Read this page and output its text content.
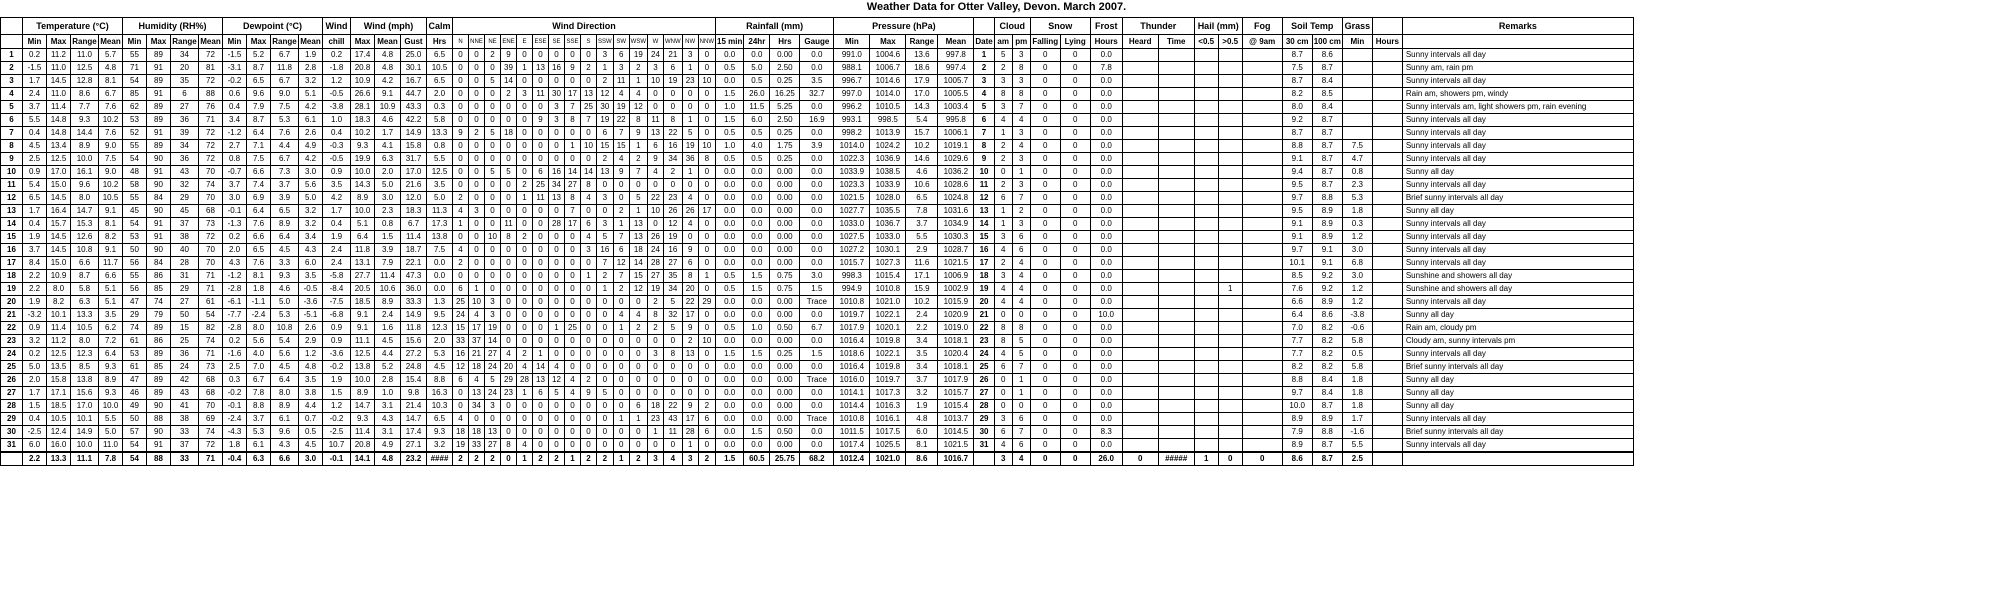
Weather Data for Otter Valley, Devon. March 2007.
	Temperature (°C)				Humidity (RH%)				Dewpoint (°C)				Wind	Wind (mph)			Calm	Wind Direction																Rainfall (mm)				Pressure (hPa)					Cloud		Snow		Frost	Thunder		Hail (mm)		Fog	Soil Temp		Grass		Remarks
	Min	Max	Range	Mean	Min	Max	Range	Mean	Min	Max	Range	Mean	chill	Max	Mean	Gust	Hrs	N	NNE	NE	ENE	E	ESE	SE	SSE	S	SSW	SW	WSW	W	WNW	NW	NNW	15 min	24hr	Hrs	Gauge	Min	Max	Range	Mean	Date	am	pm	Falling	Lying	Hours	Heard	Time	<0.5	>0.5	@ 9am	30 cm	100 cm	Min	Hours	
1	0.2	11.2	11.0	5.7	55	89	34	72	-1.5	5.2	6.7	1.9	0.2	17.4	4.8	25.0	6.5	0	0	2	9	0	0	0	0	0	3	6	19	24	21	3	0	0.0	0.0	0.00	0.0	991.0	1004.6	13.6	997.8	1	5	3	0	0	0.0						8.7	8.6			Sunny intervals all day
2	-1.5	11.0	12.5	4.8	71	91	20	81	-3.1	8.7	11.8	2.8	-1.8	20.8	4.8	30.1	10.5	0	0	0	39	1	13	16	9	2	1	3	2	3	6	1	0	0.5	5.0	2.50	0.0	988.1	1006.7	18.6	997.4	2	2	8	0	0	7.8						7.5	8.7			Sunny am, rain pm
3	1.7	14.5	12.8	8.1	54	89	35	72	-0.2	6.5	6.7	3.2	1.2	10.9	4.2	16.7	6.5	0	0	5	14	0	0	0	0	0	2	11	1	10	19	23	10	0.0	0.5	0.25	3.5	996.7	1014.6	17.9	1005.7	3	3	3	0	0	0.0						8.7	8.4			Sunny intervals all day
4	2.4	11.0	8.6	6.7	85	91	6	88	0.6	9.6	9.0	5.1	-0.5	26.6	9.1	44.7	2.0	0	0	0	2	3	11	30	17	13	12	4	4	0	0	0	0	1.5	26.0	16.25	32.7	997.0	1014.0	17.0	1005.5	4	8	8	0	0	0.0						8.2	8.5			Rain am, showers pm, windy
5	3.7	11.4	7.7	7.6	62	89	27	76	0.4	7.9	7.5	4.2	-3.8	28.1	10.9	43.3	0.3	0	0	0	0	0	0	3	7	25	30	19	12	0	0	0	0	1.0	11.5	5.25	0.0	996.2	1010.5	14.3	1003.4	5	3	7	0	0	0.0						8.0	8.4			Sunny intervals am, light showers pm, rain evening
6	5.5	14.8	9.3	10.2	53	89	36	71	3.4	8.7	5.3	6.1	1.0	18.3	4.6	42.2	5.8	0	0	0	0	0	9	3	8	7	19	22	8	11	8	1	0	1.5	6.0	2.50	16.9	993.1	998.5	5.4	995.8	6	4	4	0	0	0.0						9.2	8.7			Sunny intervals all day
7	0.4	14.8	14.4	7.6	52	91	39	72	-1.2	6.4	7.6	2.6	0.4	10.2	1.7	14.9	13.3	9	2	5	18	0	0	0	0	0	6	7	9	13	22	5	0	0.5	0.5	0.25	0.0	998.2	1013.9	15.7	1006.1	7	1	3	0	0	0.0						8.7	8.7			Sunny intervals all day
8	4.5	13.4	8.9	9.0	55	89	34	72	2.7	7.1	4.4	4.9	-0.3	9.3	4.1	15.8	0.8	0	0	0	0	0	0	0	1	10	15	15	1	6	16	19	10	1.0	4.0	1.75	3.9	1014.0	1024.2	10.2	1019.1	8	2	4	0	0	0.0						8.8	8.7	7.5		Sunny intervals all day
9	2.5	12.5	10.0	7.5	54	90	36	72	0.8	7.5	6.7	4.2	-0.5	19.9	6.3	31.7	5.5	0	0	0	0	0	0	0	0	0	2	4	2	9	34	36	8	0.5	0.5	0.25	0.0	1022.3	1036.9	14.6	1029.6	9	2	3	0	0	0.0						9.1	8.7	4.7		Sunny intervals all day
10	0.9	17.0	16.1	9.0	48	91	43	70	-0.7	6.6	7.3	3.0	0.9	10.0	2.0	17.0	12.5	0	0	5	5	0	6	16	14	14	13	9	7	4	2	1	0	0.0	0.0	0.00	0.0	1033.9	1038.5	4.6	1036.2	10	0	1	0	0	0.0						9.4	8.7	0.8		Sunny all day
11	5.4	15.0	9.6	10.2	58	90	32	74	3.7	7.4	3.7	5.6	3.5	14.3	5.0	21.6	3.5	0	0	0	0	2	25	34	27	8	0	0	0	0	0	0	0	0.0	0.0	0.00	0.0	1023.3	1033.9	10.6	1028.6	11	2	3	0	0	0.0						9.5	8.7	2.3		Sunny intervals all day
12	6.5	14.5	8.0	10.5	55	84	29	70	3.0	6.9	3.9	5.0	4.2	8.9	3.0	12.0	5.0	2	0	0	0	1	11	13	8	4	3	0	5	22	23	4	0	0.0	0.0	0.00	0.0	1021.5	1028.0	6.5	1024.8	12	6	7	0	0	0.0						9.7	8.8	5.3		Brief sunny intervals all day
13	1.7	16.4	14.7	9.1	45	90	45	68	-0.1	6.4	6.5	3.2	1.7	10.0	2.3	18.3	11.3	4	3	0	0	0	0	0	7	0	0	2	1	10	26	26	17	0.0	0.0	0.00	0.0	1027.7	1035.5	7.8	1031.6	13	1	2	0	0	0.0						9.5	8.9	1.8		Sunny all day
14	0.4	15.7	15.3	8.1	54	91	37	73	-1.3	7.6	8.9	3.2	0.4	5.1	0.8	6.7	17.3	1	0	0	11	0	0	28	17	6	3	1	13	0	12	4	0	0.0	0.0	0.00	0.0	1033.0	1036.7	3.7	1034.9	14	1	3	0	0	0.0						9.1	8.9	0.3		Sunny intervals all day
15	1.9	14.5	12.6	8.2	53	91	38	72	0.2	6.6	6.4	3.4	1.9	6.4	1.5	11.4	13.8	0	0	10	8	2	0	0	0	4	5	7	13	26	19	0	0	0.0	0.0	0.00	0.0	1027.5	1033.0	5.5	1030.3	15	3	6	0	0	0.0						9.1	8.9	1.2		Sunny intervals all day
16	3.7	14.5	10.8	9.1	50	90	40	70	2.0	6.5	4.5	4.3	2.4	11.8	3.9	18.7	7.5	4	0	0	0	0	0	0	0	3	16	6	18	24	16	9	0	0.0	0.0	0.00	0.0	1027.2	1030.1	2.9	1028.7	16	4	6	0	0	0.0						9.7	9.1	3.0		Sunny intervals all day
17	8.4	15.0	6.6	11.7	56	84	28	70	4.3	7.6	3.3	6.0	2.4	13.1	7.9	22.1	0.0	2	0	0	0	0	0	0	0	0	7	12	14	28	27	6	0	0.0	0.0	0.00	0.0	1015.7	1027.3	11.6	1021.5	17	2	4	0	0	0.0						10.1	9.1	6.8		Sunny intervals all day
18	2.2	10.9	8.7	6.6	55	86	31	71	-1.2	8.1	9.3	3.5	-5.8	27.7	11.4	47.3	0.0	0	0	0	0	0	0	0	0	1	2	7	15	27	35	8	1	0.5	1.5	0.75	3.0	998.3	1015.4	17.1	1006.9	18	3	4	0	0	0.0						8.5	9.2	3.0		Sunshine and showers all day
19	2.2	8.0	5.8	5.1	56	85	29	71	-2.8	1.8	4.6	-0.5	-8.4	20.5	10.6	36.0	0.0	6	1	0	0	0	0	0	0	0	1	2	12	19	34	20	0	0.5	1.5	0.75	1.5	994.9	1010.8	15.9	1002.9	19	4	4	0	0	0.0				1		7.6	9.2	1.2		Sunshine and showers all day
20	1.9	8.2	6.3	5.1	47	74	27	61	-6.1	-1.1	5.0	-3.6	-7.5	18.5	8.9	33.3	1.3	25	10	3	0	0	0	0	0	0	0	0	0	2	5	22	29	0.0	0.0	0.00	Trace	1010.8	1021.0	10.2	1015.9	20	4	4	0	0	0.0						6.6	8.9	1.2		Sunny intervals all day
21	-3.2	10.1	13.3	3.5	29	79	50	54	-7.7	-2.4	5.3	-5.1	-6.8	9.1	2.4	14.9	9.5	24	4	3	0	0	0	0	0	0	0	4	4	8	32	17	0	0.0	0.0	0.00	0.0	1019.7	1022.1	2.4	1020.9	21	0	0	0	0	10.0						6.4	8.6	-3.8		Sunny all day
22	0.9	11.4	10.5	6.2	74	89	15	82	-2.8	8.0	10.8	2.6	0.9	9.1	1.6	11.8	12.3	15	17	19	0	0	0	1	25	0	0	1	2	2	5	9	0	0.5	1.0	0.50	6.7	1017.9	1020.1	2.2	1019.0	22	8	8	0	0	0.0						7.0	8.2	-0.6		Rain am, cloudy pm
23	3.2	11.2	8.0	7.2	61	86	25	74	0.2	5.6	5.4	2.9	0.9	11.1	4.5	15.6	2.0	33	37	14	0	0	0	0	0	0	0	0	0	0	0	2	10	0.0	0.0	0.00	0.0	1016.4	1019.8	3.4	1018.1	23	8	5	0	0	0.0						7.7	8.2	5.8		Cloudy am, sunny intervals pm
24	0.2	12.5	12.3	6.4	53	89	36	71	-1.6	4.0	5.6	1.2	-3.6	12.5	4.4	27.2	5.3	16	21	27	4	2	1	0	0	0	0	0	0	3	8	13	0	1.5	1.5	0.25	1.5	1018.6	1022.1	3.5	1020.4	24	4	5	0	0	0.0						7.7	8.2	0.5		Sunny intervals all day
25	5.0	13.5	8.5	9.3	61	85	24	73	2.5	7.0	4.5	4.8	-0.2	13.8	5.2	24.8	4.5	12	18	24	20	4	14	4	0	0	0	0	0	0	0	0	0	0.0	0.0	0.00	0.0	1016.4	1019.8	3.4	1018.1	25	6	7	0	0	0.0						8.2	8.2	5.8		Brief sunny intervals all day
26	2.0	15.8	13.8	8.9	47	89	42	68	0.3	6.7	6.4	3.5	1.9	10.0	2.8	15.4	8.8	6	4	5	29	28	13	12	4	2	0	0	0	0	0	0	0	0.0	0.0	0.00	Trace	1016.0	1019.7	3.7	1017.9	26	0	1	0	0	0.0						8.8	8.4	1.8		Sunny all day
27	1.7	17.1	15.6	9.3	46	89	43	68	-0.2	7.8	8.0	3.8	1.5	8.9	1.0	9.8	16.3	0	13	24	23	1	6	5	4	9	5	0	0	0	0	0	0	0.0	0.0	0.00	0.0	1014.1	1017.3	3.2	1015.7	27	0	1	0	0	0.0						9.7	8.4	1.8		Sunny all day
28	1.5	18.5	17.0	10.0	49	90	41	70	-0.1	8.8	8.9	4.4	1.2	14.7	3.1	21.4	10.3	0	34	3	0	0	0	0	0	0	0	0	6	18	22	9	2	0.0	0.0	0.00	0.0	1014.4	1016.3	1.9	1015.4	28	0	0	0	0	0.0						10.0	8.7	1.8		Sunny all day
29	0.4	10.5	10.1	5.5	50	88	38	69	-2.4	3.7	6.1	0.7	-0.2	9.3	4.3	14.7	6.5	4	0	0	0	0	0	0	0	0	0	1	1	23	43	17	6	0.0	0.0	0.00	Trace	1010.8	1016.1	4.8	1013.7	29	3	6	0	0	0.0						8.9	8.9	1.7		Sunny intervals all day
30	-2.5	12.4	14.9	5.0	57	90	33	74	-4.3	5.3	9.6	0.5	-2.5	11.4	3.1	17.4	9.3	18	18	13	0	0	0	0	0	0	0	0	0	1	11	28	6	0.0	1.5	0.50	0.0	1011.5	1017.5	6.0	1014.5	30	6	7	0	0	8.3						7.9	8.8	-1.6		Brief sunny intervals all day
31	6.0	16.0	10.0	11.0	54	91	37	72	1.8	6.1	4.3	4.5	10.7	20.8	4.9	27.1	3.2	19	33	27	8	4	0	0	0	0	0	0	0	0	0	1	0	0.0	0.0	0.00	0.0	1017.4	1025.5	8.1	1021.5	31	4	6	0	0	0.0						8.9	8.7	5.5		Sunny intervals all day
	2.2	13.3	11.1	7.8	54	88	33	71	-0.4	6.3	6.6	3.0	-0.1	14.1	4.8	23.2	####	2	2	2	0	1	2	2	1	2	2	1	2	3	4	3	2	1.5	60.5	25.75	68.2	1012.4	1021.0	8.6	1016.7		3	4	0	0	26.0	0	#####	1	0	0	8.6	8.7	2.5		
